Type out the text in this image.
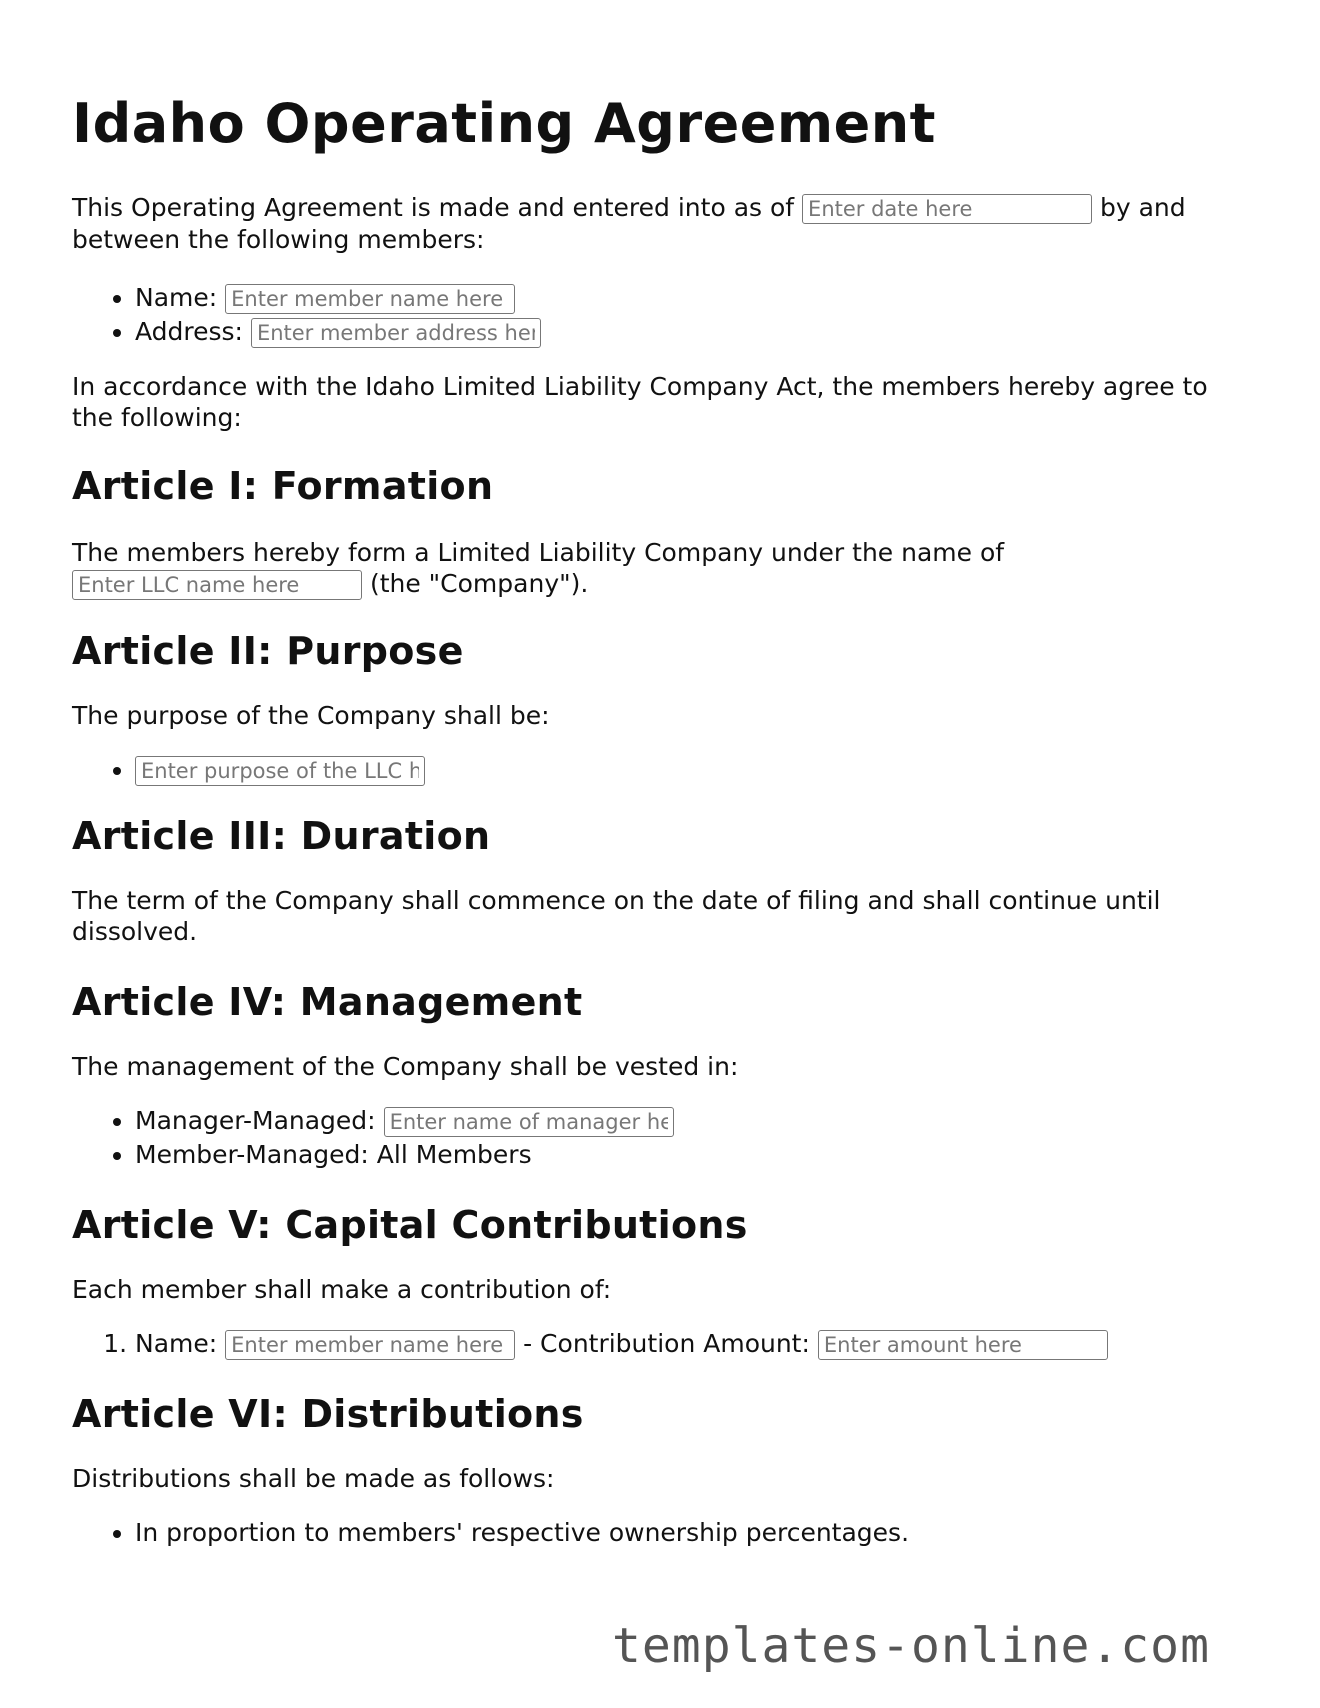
Idaho Operating Agreement

This Operating Agreement is made and entered into as of Enter date here	by and between the following members:

• Name: Enter member name here
• Address: Enter member address here

In accordance with the Idaho Limited Liability Company Act, the members hereby agree to the following:

Article I: Formation

The members hereby form a Limited Liability Company under the name of
Enter LLC name here (the "Company").

Article II: Purpose

The purpose of the Company shall be:

• Enter purpose of the LLC here
Article III: Duration

The term of the Company shall commence on the date of filing and shall continue until dissolved.

Article IV: Management

The management of the Company shall be vested in:

• Manager-Managed: Enter name of manager here
• Member-Managed: All Members
Article V: Capital Contributions

Each member shall make a contribution of:

1. Name: Enter member name here	- Contribution Amount: Enter amount here
Article VI: Distributions

Distributions shall be made as follows:

• In proportion to members' respective ownership percentages.
templates-online.com
